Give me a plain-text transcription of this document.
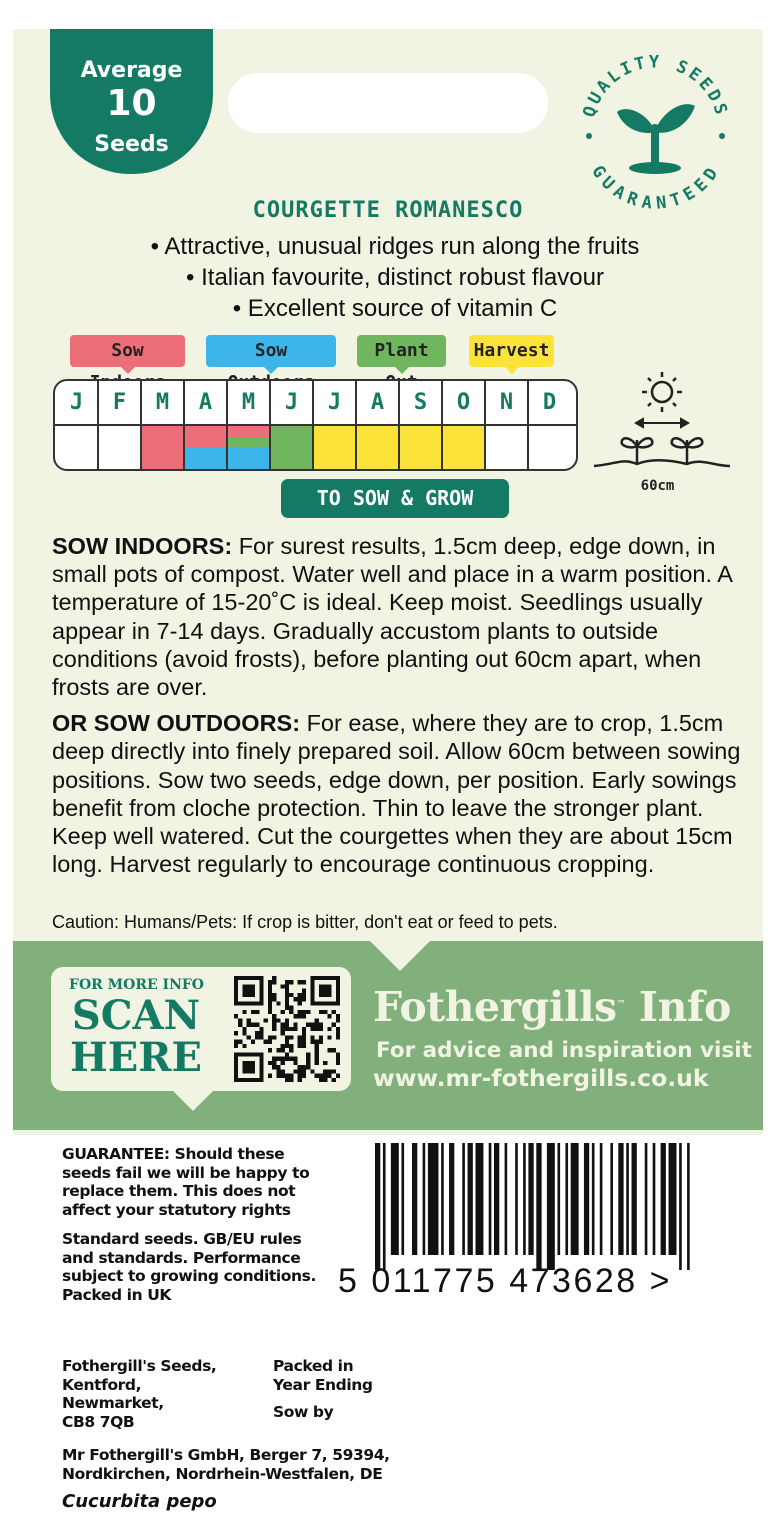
Average
10
Seeds
QUALITY SEEDS
GUARANTEED
COURGETTE ROMANESCO
• Attractive, unusual ridges run along the fruits
• Italian favourite, distinct robust flavour
• Excellent source of vitamin C
Sow	Sow	Plant	Harvest
J	F	M	A	M	J	J	A	S	O	N	D
60cm
TO SOW & GROW

SOW INDOORS: For surest results, 1.5cm deep, edge down, in small pots of compost. Water well and place in a warm position. A temperature of 15-20˚C is ideal. Keep moist. Seedlings usually appear in 7-14 days. Gradually accustom plants to outside conditions (avoid frosts), before planting out 60cm apart, when frosts are over.

OR SOW OUTDOORS: For ease, where they are to crop, 1.5cm deep directly into finely prepared soil. Allow 60cm between sowing positions. Sow two seeds, edge down, per position. Early sowings benefit from cloche protection. Thin to leave the stronger plant. Keep well watered. Cut the courgettes when they are about 15cm long. Harvest regularly to encourage continuous cropping.

Caution: Humans/Pets: If crop is bitter, don't eat or feed to pets.
FOR MORE INFO
SCAN
HERE
Fothergills™ Info
For advice and inspiration visit
www.mr-fothergills.co.uk
GUARANTEE: Should these
seeds fail we will be happy to
replace them. This does not
affect your statutory rights
Standard seeds. GB/EU rules
and standards. Performance
subject to growing conditions.
Packed in UK	5 011775 473628 >
Fothergill's Seeds,
Kentford,
Newmarket,
CB8 7QB
Packed in
Year Ending
Sow by
Mr Fothergill's GmbH, Berger 7, 59394,
Nordkirchen, Nordrhein-Westfalen, DE
Cucurbita pepo
